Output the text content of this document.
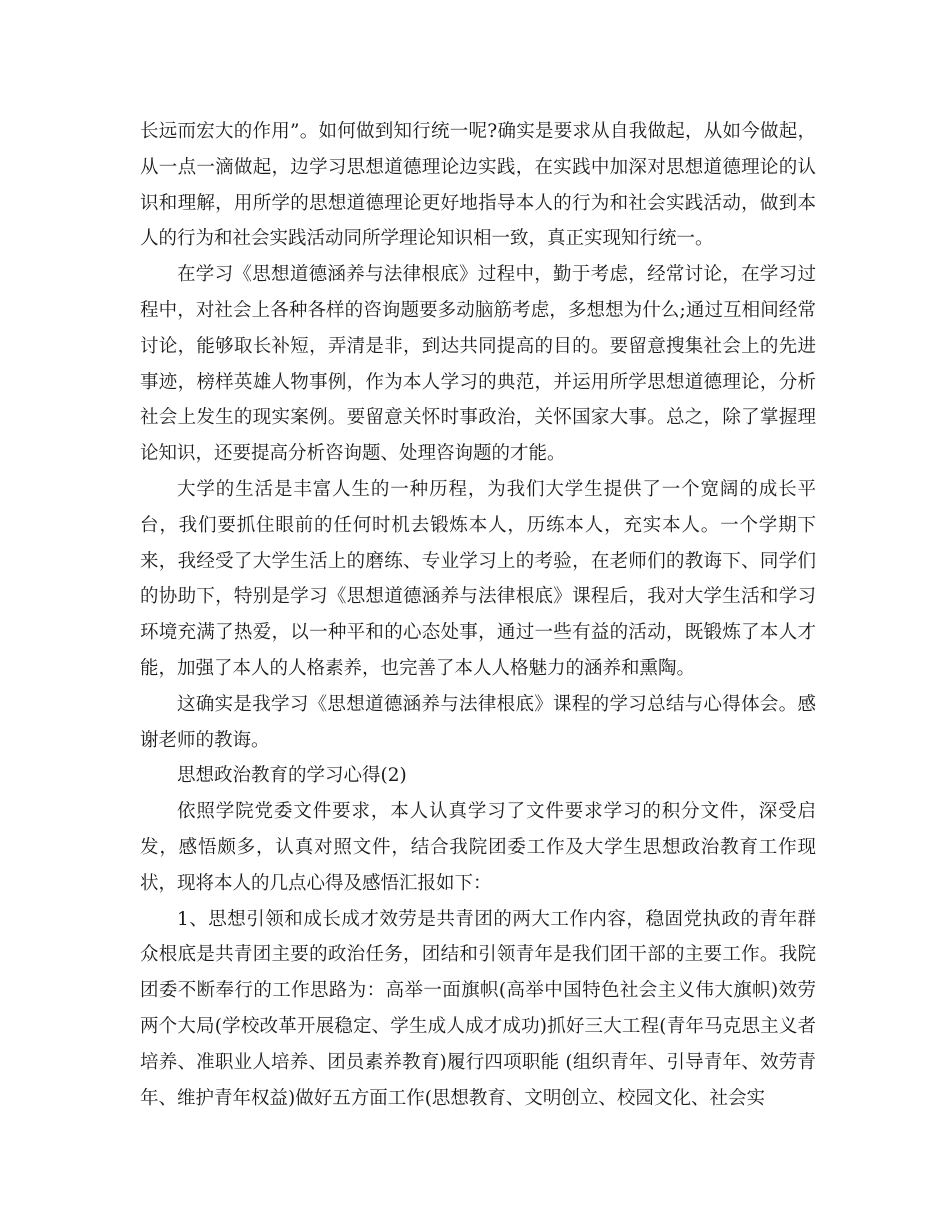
长远而宏大的作用”。如何做到知行统一呢?确实是要求从自我做起，从如今做起，从一点一滴做起，边学习思想道德理论边实践，在实践中加深对思想道德理论的认识和理解，用所学的思想道德理论更好地指导本人的行为和社会实践活动，做到本人的行为和社会实践活动同所学理论知识相一致，真正实现知行统一。

在学习《思想道德涵养与法律根底》过程中，勤于考虑，经常讨论，在学习过程中，对社会上各种各样的咨询题要多动脑筋考虑，多想想为什么;通过互相间经常讨论，能够取长补短，弄清是非，到达共同提高的目的。要留意搜集社会上的先进事迹，榜样英雄人物事例，作为本人学习的典范，并运用所学思想道德理论，分析社会上发生的现实案例。要留意关怀时事政治，关怀国家大事。总之，除了掌握理论知识，还要提高分析咨询题、处理咨询题的才能。

大学的生活是丰富人生的一种历程，为我们大学生提供了一个宽阔的成长平台，我们要抓住眼前的任何时机去锻炼本人，历练本人，充实本人。一个学期下来，我经受了大学生活上的磨练、专业学习上的考验，在老师们的教诲下、同学们的协助下，特别是学习《思想道德涵养与法律根底》课程后，我对大学生活和学习环境充满了热爱，以一种平和的心态处事，通过一些有益的活动，既锻炼了本人才能，加强了本人的人格素养，也完善了本人人格魅力的涵养和熏陶。

这确实是我学习《思想道德涵养与法律根底》课程的学习总结与心得体会。感谢老师的教诲。

思想政治教育的学习心得(2)

依照学院党委文件要求，本人认真学习了文件要求学习的积分文件，深受启发，感悟颇多，认真对照文件，结合我院团委工作及大学生思想政治教育工作现状，现将本人的几点心得及感悟汇报如下：

1、思想引领和成长成才效劳是共青团的两大工作内容，稳固党执政的青年群众根底是共青团主要的政治任务，团结和引领青年是我们团干部的主要工作。我院团委不断奉行的工作思路为：高举一面旗帜(高举中国特色社会主义伟大旗帜)效劳两个大局(学校改革开展稳定、学生成人成才成功)抓好三大工程(青年马克思主义者培养、准职业人培养、团员素养教育)履行四项职能 (组织青年、引导青年、效劳青年、维护青年权益)做好五方面工作(思想教育、文明创立、校园文化、社会实
